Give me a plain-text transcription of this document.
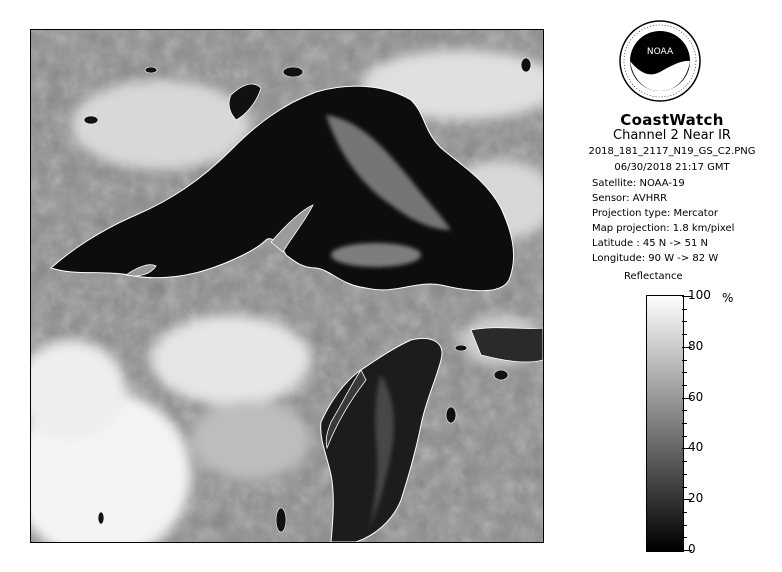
NOAA
CoastWatch
Channel 2 Near IR
2018_181_2117_N19_GS_C2.PNG
06/30/2018 21:17 GMT
Satellite: NOAA-19
Sensor: AVHRR
Projection type: Mercator
Map projection: 1.8 km/pixel
Latitude : 45 N -> 51 N
Longitude: 90 W -> 82 W
Reflectance
%
100
80
60
40
20
0
